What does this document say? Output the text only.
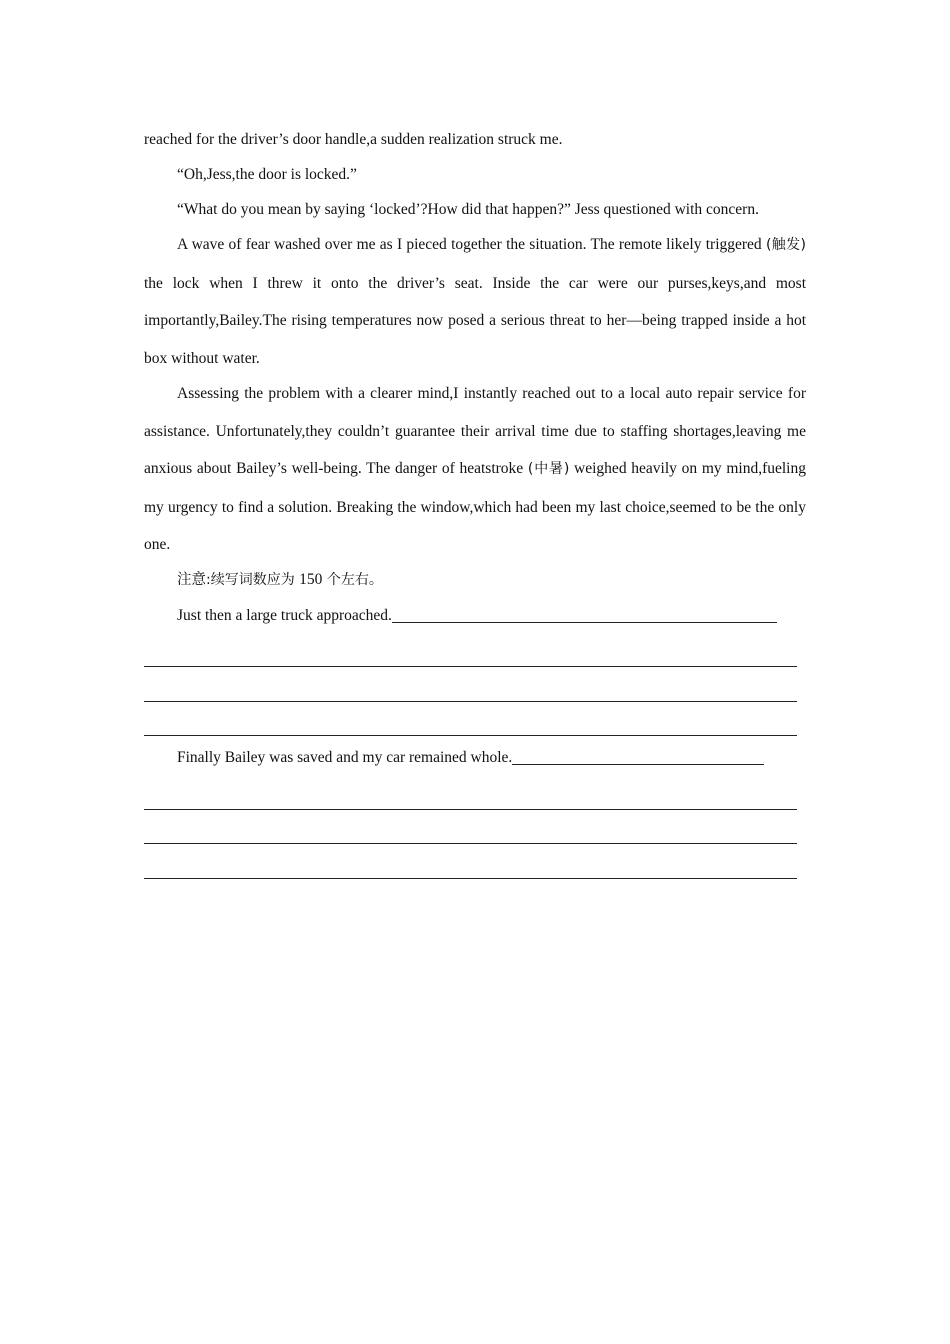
reached for the driver’s door handle,a sudden realization struck me.

“Oh,Jess,the door is locked.”

“What do you mean by saying ‘locked’?How did that happen?” Jess questioned with concern.

A wave of fear washed over me as I pieced together the situation. The remote likely triggered (触发) the lock when I threw it onto the driver’s seat. Inside the car were our purses,keys,and most importantly,Bailey.The rising temperatures now posed a serious threat to her—being trapped inside a hot box without water.

Assessing the problem with a clearer mind,I instantly reached out to a local auto repair service for assistance. Unfortunately,they couldn’t guarantee their arrival time due to staffing shortages,leaving me anxious about Bailey’s well-being. The danger of heatstroke (中暑) weighed heavily on my mind,fueling my urgency to find a solution. Breaking the window,which had been my last choice,seemed to be the only one.

注意:续写词数应为 150 个左右。

Just then a large truck approached.
Finally Bailey was saved and my car remained whole.
